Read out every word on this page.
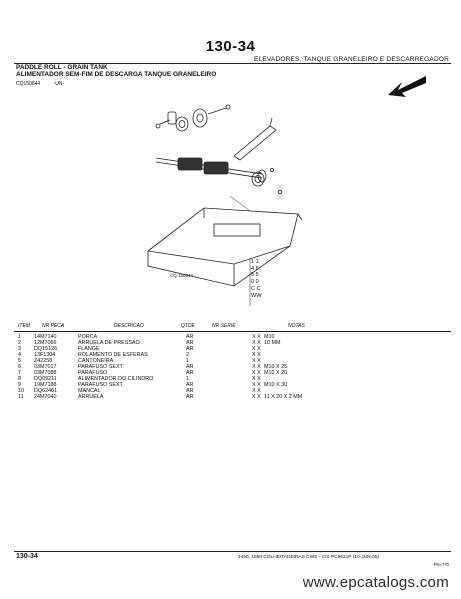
130-34
ELEVADORES, TANQUE GRANELEIRO E DESCARREGADOR
PADDLE ROLL - GRAIN TANK
ALIMENTADOR SEM-FIM DE DESCARGA TANQUE GRANELEIRO
CQ150844	-UN-
CQ 150844
1 1
4 5
5 5
0 0
C C
WW
ITEM NR PECA	DESCRICAO	QTDE	NR SERIE	NOTAS
1 14M7140	PORCA	AR	X X M10
2 12M7066	ARRUELA DE PRESSAO	AR	X X 10 MM
3 DQ15126	FLANGE	AR	X X
4 13F1304	ROLAMENTO DE ESFERAS	2	X X
5 Z42258	CANTONEIRA	1	X X
6 03M7017	PARAFUSO SEXT.	AR	X X M10 X 25
7 03M7088	PARAFUSO	AR	X X M10 X 20
8 DQ09211	ALIMENTADOR DO CILINDRO	1	X X
9 19M7188	PARAFUSO SEXT.	AR	X X M10 X 30
10 DQ62461	MANCAL	AR	X X
11 24M7040	ARRUELA	AR	X X 11 X 20 X 2 MM
130-34	1450, 1550 COLHEITADEIRAS CWS - CIS PC9621P (10-JUN-05)
PN=770
www.epcatalogs.com
